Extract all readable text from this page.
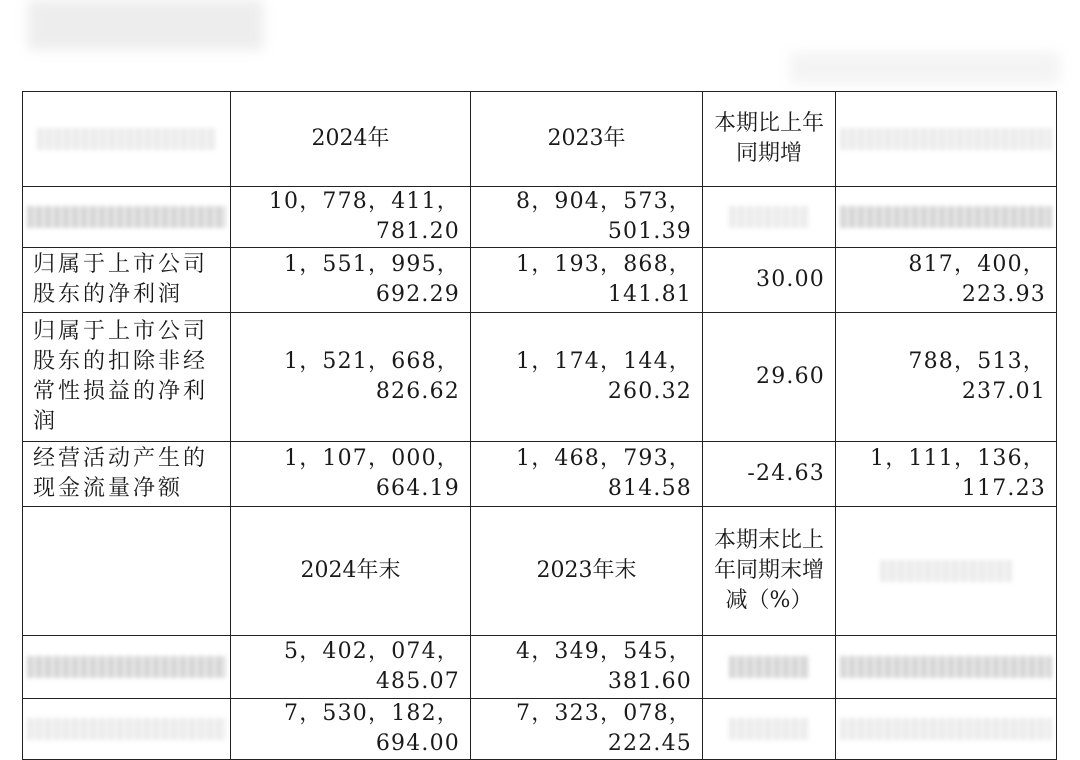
	2024年	2023年	本期比上年同期增	

	10，778，411，781.20	8，904，573，501.39	

归属于上市公司股东的净利润	1，551，995，692.29	1，193，868，141.81	30.00	817，400，223.93
归属于上市公司股东的扣除非经常性损益的净利润	1，521，668，826.62	1，174，144，260.32	29.60	788，513，237.01
经营活动产生的现金流量净额	1，107，000，664.19	1，468，793，814.58	-24.63	1，111，136，117.23
	2024年末	2023年末	本期末比上年同期末增减（%）	

	5，402，074，485.07	4，349，545，381.60	

	7，530，182，694.00	7，323，078，222.45	
